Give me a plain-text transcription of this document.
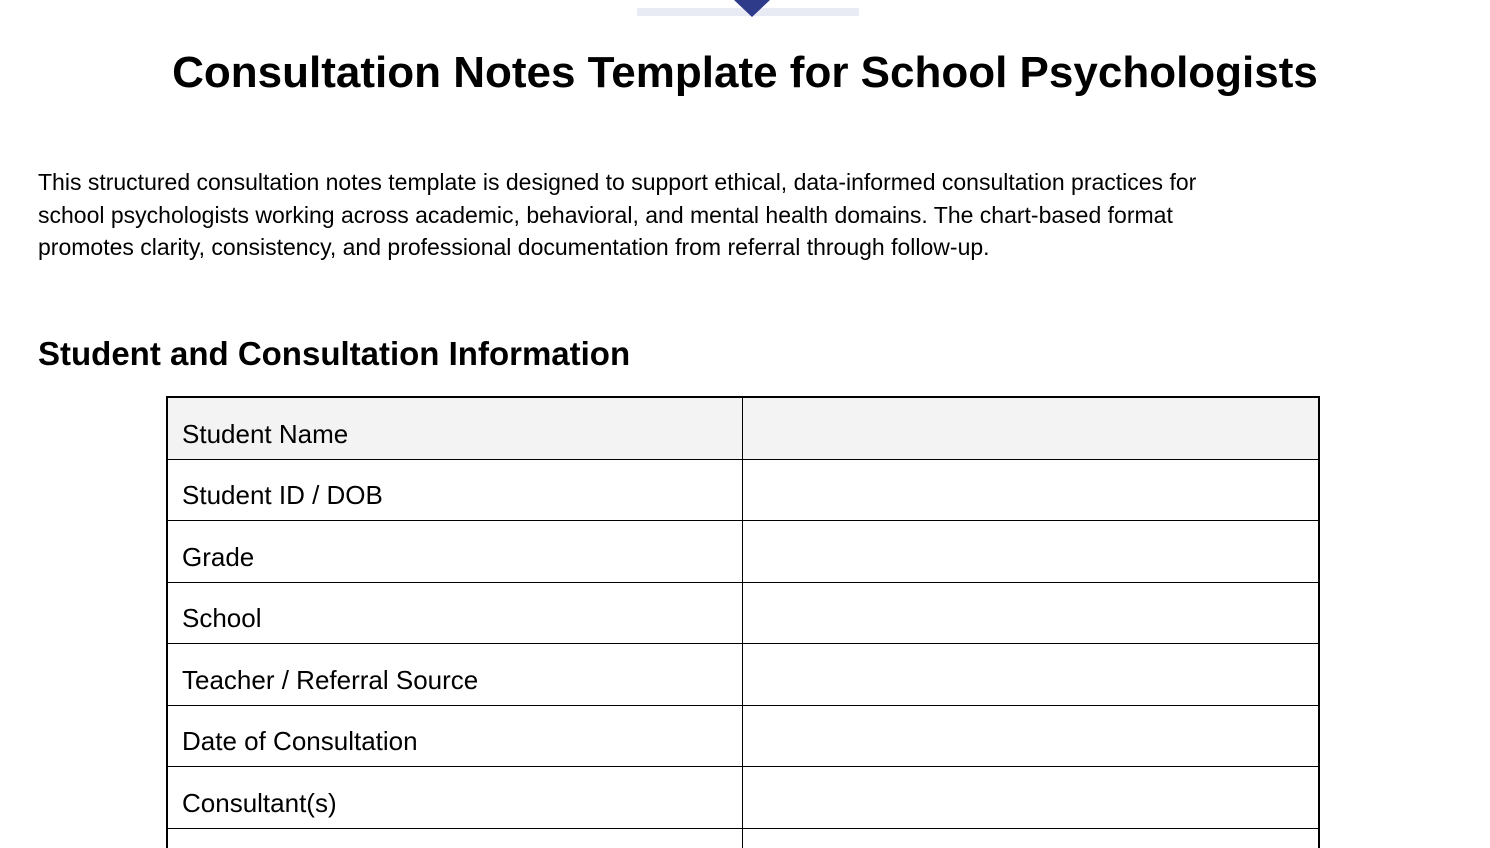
Consultation Notes Template for School Psychologists

This structured consultation notes template is designed to support ethical, data-informed consultation practices for
school psychologists working across academic, behavioral, and mental health domains. The chart-based format
promotes clarity, consistency, and professional documentation from referral through follow-up.

Student and Consultation Information
Student Name	
Student ID / DOB	
Grade	
School	
Teacher / Referral Source	
Date of Consultation	
Consultant(s)	
